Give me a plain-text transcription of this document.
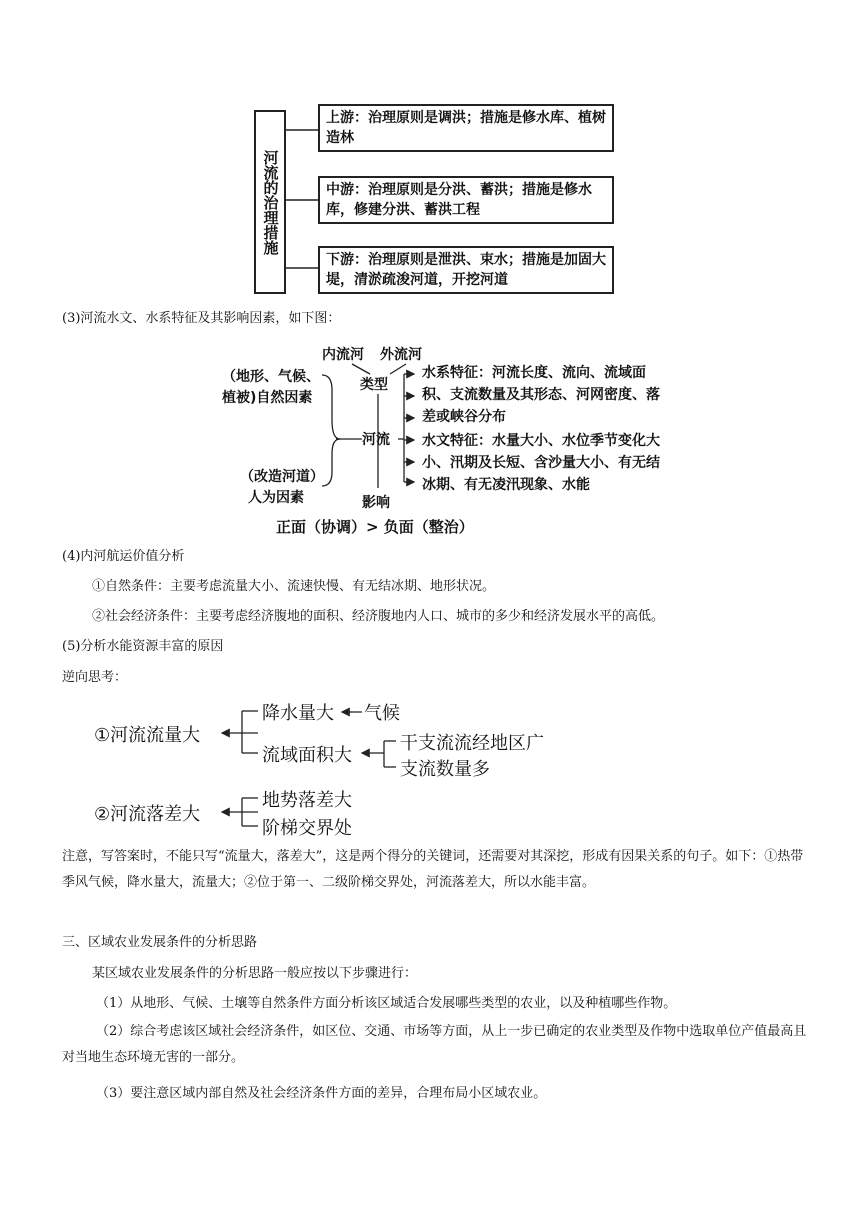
河流的治理措施
上游：治理原则是调洪；措施是修水库、植树造林
中游：治理原则是分洪、蓄洪；措施是修水库，修建分洪、蓄洪工程
下游：治理原则是泄洪、束水；措施是加固大堤，清淤疏浚河道，开挖河道
(3)河流水文、水系特征及其影响因素，如下图：
内流河 外流河
类型
（地形、气候、
植被)自然因素
河流
（改造河道）
人为因素
水系特征：河流长度、流向、流域面积、支流数量及其形态、河网密度、落差或峡谷分布
水文特征：水量大小、水位季节变化大小、汛期及长短、含沙量大小、有无结冰期、有无凌汛现象、水能
影响
正面（协调）> 负面（整治）
(4)内河航运价值分析
①自然条件：主要考虑流量大小、流速快慢、有无结冰期、地形状况。
②社会经济条件：主要考虑经济腹地的面积、经济腹地内人口、城市的多少和经济发展水平的高低。
(5)分析水能资源丰富的原因
逆向思考：
①河流流量大
降水量大 气候
流域面积大
干支流流经地区广
支流数量多
②河流落差大
地势落差大
阶梯交界处
注意，写答案时，不能只写“流量大，落差大”，这是两个得分的关键词，还需要对其深挖，形成有因果关系的句子。如下：①热带季风气候，降水量大，流量大；②位于第一、二级阶梯交界处，河流落差大，所以水能丰富。
三、区域农业发展条件的分析思路
某区域农业发展条件的分析思路一般应按以下步骤进行：
（1）从地形、气候、土壤等自然条件方面分析该区域适合发展哪些类型的农业，以及种植哪些作物。
（2）综合考虑该区域社会经济条件，如区位、交通、市场等方面，从上一步已确定的农业类型及作物中选取单位产值最高且对当地生态环境无害的一部分。
（3）要注意区域内部自然及社会经济条件方面的差异，合理布局小区域农业。
